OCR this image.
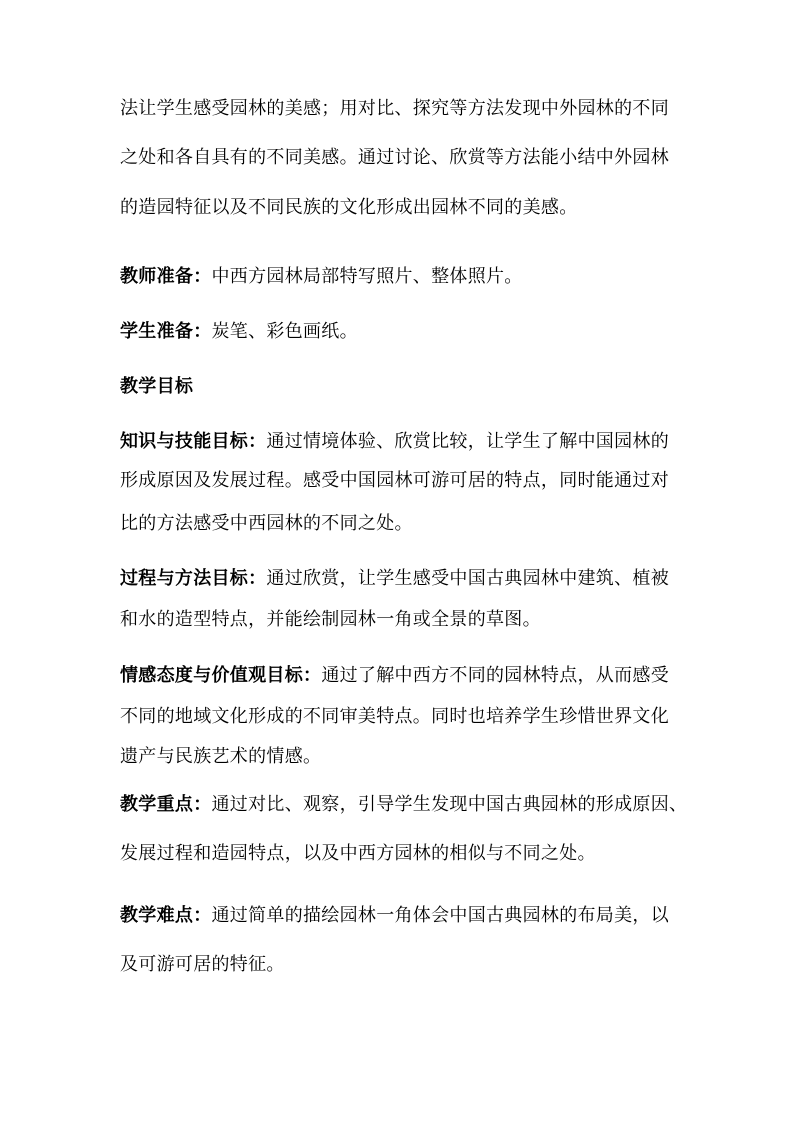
法让学生感受园林的美感；用对比、探究等方法发现中外园林的不同
之处和各自具有的不同美感。通过讨论、欣赏等方法能小结中外园林
的造园特征以及不同民族的文化形成出园林不同的美感。
教师准备：中西方园林局部特写照片、整体照片。
学生准备：炭笔、彩色画纸。
教学目标
知识与技能目标：通过情境体验、欣赏比较，让学生了解中国园林的
形成原因及发展过程。感受中国园林可游可居的特点，同时能通过对
比的方法感受中西园林的不同之处。
过程与方法目标：通过欣赏，让学生感受中国古典园林中建筑、植被
和水的造型特点，并能绘制园林一角或全景的草图。
情感态度与价值观目标：通过了解中西方不同的园林特点，从而感受
不同的地域文化形成的不同审美特点。同时也培养学生珍惜世界文化
遗产与民族艺术的情感。
教学重点：通过对比、观察，引导学生发现中国古典园林的形成原因、
发展过程和造园特点，以及中西方园林的相似与不同之处。
教学难点：通过简单的描绘园林一角体会中国古典园林的布局美，以
及可游可居的特征。
